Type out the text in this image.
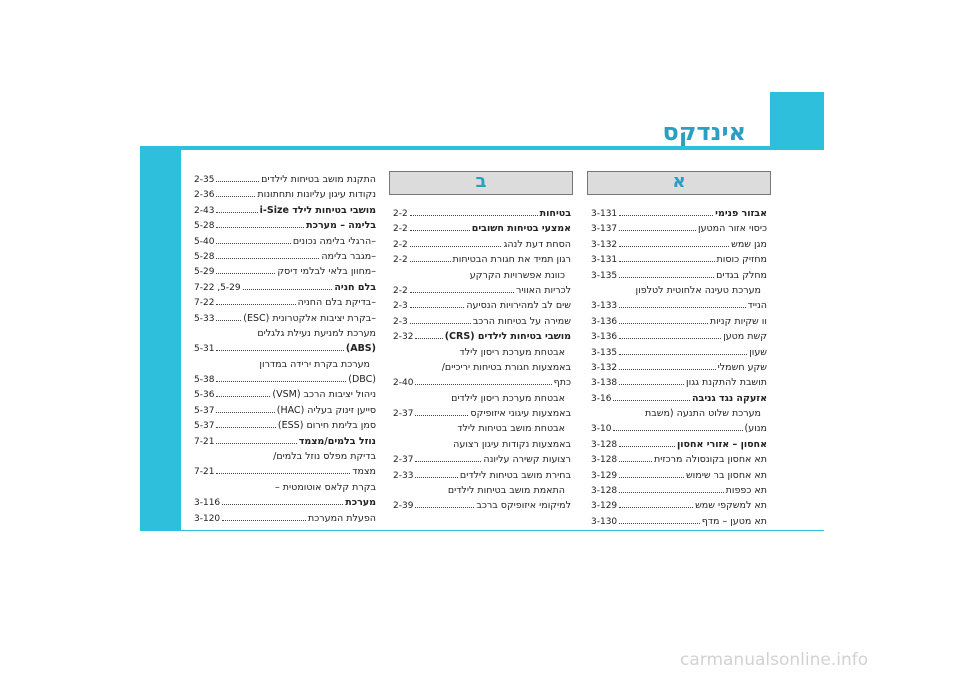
אינדקס
9
א
ב
אבזור פנימי
3-131
כיסוי אזור המטען
3-137
מגן שמש
3-132
מחזיק כוסות
3-131
מחלק בגדים
3-135
מערכת טעינה אלחוטית לטלפון
הנייד
3-133
וו שקיות קניות
3-136
קשת מטען
3-136
שעון
3-135
שקע חשמלי
3-132
תושבת להתקנת גגון
3-138
אזעקה נגד גניבה
3-16
מערכת שלוט התנעה (משבת
מנוע)
3-10
אחסון – אזורי אחסון
3-128
תא אחסון בקונסולה מרכזית
3-128
תא אחסון בר שימוש
3-129
תא כפפות
3-128
תא למשקפי שמש
3-129
תא מטען – מדף
3-130
בטיחות
2-2
אמצעי בטיחות חשובים
2-2
הסחת דעת לנהג
2-2
רגון תמיד את חגורת הבטיחות
2-2
כוונת אפשרויות הקרקע
לכריות האוויר
2-2
שים לב למהירויות הנסיעה
2-3
שמירה על בטיחות הרכב
2-3
מושבי בטיחות לילדים (CRS)
2-32
אבטחת מערכת ריסון לילד
באמצעות חגורת בטיחות יריכיים/
כתף
2-40
אבטחת מערכת ריסון לילדים
באמצעות עיגוני איזופיקס
2-37
אבטחת מושב בטיחות לילד
באמצעות נקודות עיגון רצועה
רצועות קשירה עליונה
2-37
בחירת מושב בטיחות לילדים
2-33
התאמת מושב בטיחות לילדים
למיקומי איזופיקס ברכב
2-39
התקנת מושב בטיחות לילדים
2-35
נקודות עיגון עליונות ותחתונות
2-36
מושבי בטיחות לילד i-Size
2-43
בלימה – מערכת
5-28
–
הרגלי בלימה נכונים
5-40
–
מגבר בלימה
5-28
–
מחוון בלאי לבלמי דיסק
5-29
בלם חניה
7-22 ,5-29
–
בדיקת בלם החניה
7-22
–
בקרת יציבות אלקטרונית (ESC)
5-33
מערכת למניעת נעילת גלגלים
(ABS)
5-31
מערכת בקרת ירידה במדרון
(DBC)
5-38
ניהול יציבות הרכב (VSM)
5-36
סייען זינוק בעליה (HAC)
5-37
סמן בלימת חירום (ESS)
5-37
נוזל בלמים/מצמד
7-21
בדיקת מפלס נוזל בלמים/
מצמד
7-21
בקרת קלאס אוטומטית –
מערכת
3-116
הפעלת המערכת
3-120
carmanualsonline.info
